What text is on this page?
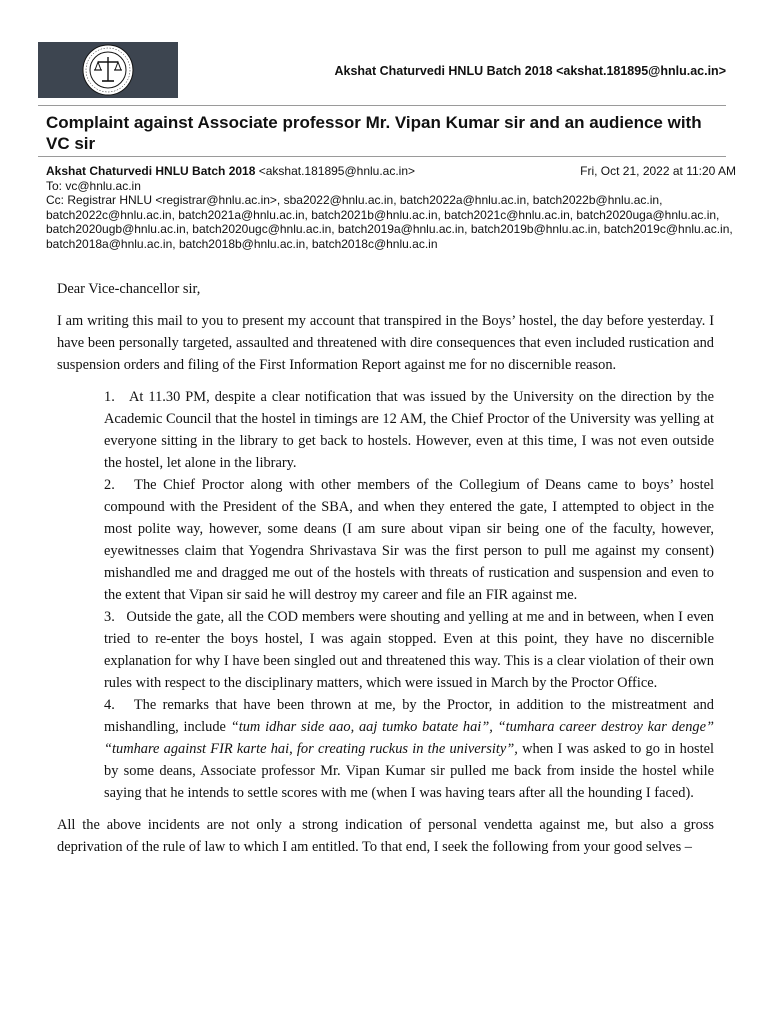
Akshat Chaturvedi HNLU Batch 2018 <akshat.181895@hnlu.ac.in>
Complaint against Associate professor Mr. Vipan Kumar sir and an audience with VC sir
Akshat Chaturvedi HNLU Batch 2018 <akshat.181895@hnlu.ac.in>	Fri, Oct 21, 2022 at 11:20 AM
To: vc@hnlu.ac.in
Cc: Registrar HNLU <registrar@hnlu.ac.in>, sba2022@hnlu.ac.in, batch2022a@hnlu.ac.in, batch2022b@hnlu.ac.in, batch2022c@hnlu.ac.in, batch2021a@hnlu.ac.in, batch2021b@hnlu.ac.in, batch2021c@hnlu.ac.in, batch2020uga@hnlu.ac.in, batch2020ugb@hnlu.ac.in, batch2020ugc@hnlu.ac.in, batch2019a@hnlu.ac.in, batch2019b@hnlu.ac.in, batch2019c@hnlu.ac.in, batch2018a@hnlu.ac.in, batch2018b@hnlu.ac.in, batch2018c@hnlu.ac.in

Dear Vice-chancellor sir,

I am writing this mail to you to present my account that transpired in the Boys’ hostel, the day before yesterday. I have been personally targeted, assaulted and threatened with dire consequences that even included rustication and suspension orders and filing of the First Information Report against me for no discernible reason.

1. At 11.30 PM, despite a clear notification that was issued by the University on the direction by the Academic Council that the hostel in timings are 12 AM, the Chief Proctor of the University was yelling at everyone sitting in the library to get back to hostels. However, even at this time, I was not even outside the hostel, let alone in the library.
2. The Chief Proctor along with other members of the Collegium of Deans came to boys’ hostel compound with the President of the SBA, and when they entered the gate, I attempted to object in the most polite way, however, some deans (I am sure about vipan sir being one of the faculty, however, eyewitnesses claim that Yogendra Shrivastava Sir was the first person to pull me against my consent) mishandled me and dragged me out of the hostels with threats of rustication and suspension and even to the extent that Vipan sir said he will destroy my career and file an FIR against me.
3. Outside the gate, all the COD members were shouting and yelling at me and in between, when I even tried to re-enter the boys hostel, I was again stopped. Even at this point, they have no discernible explanation for why I have been singled out and threatened this way. This is a clear violation of their own rules with respect to the disciplinary matters, which were issued in March by the Proctor Office.
4. The remarks that have been thrown at me, by the Proctor, in addition to the mistreatment and mishandling, include “tum idhar side aao, aaj tumko batate hai”, “tumhara career destroy kar denge” “tumhare against FIR karte hai, for creating ruckus in the university”, when I was asked to go in hostel by some deans, Associate professor Mr. Vipan Kumar sir pulled me back from inside the hostel while saying that he intends to settle scores with me (when I was having tears after all the hounding I faced).

All the above incidents are not only a strong indication of personal vendetta against me, but also a gross deprivation of the rule of law to which I am entitled. To that end, I seek the following from your good selves –
